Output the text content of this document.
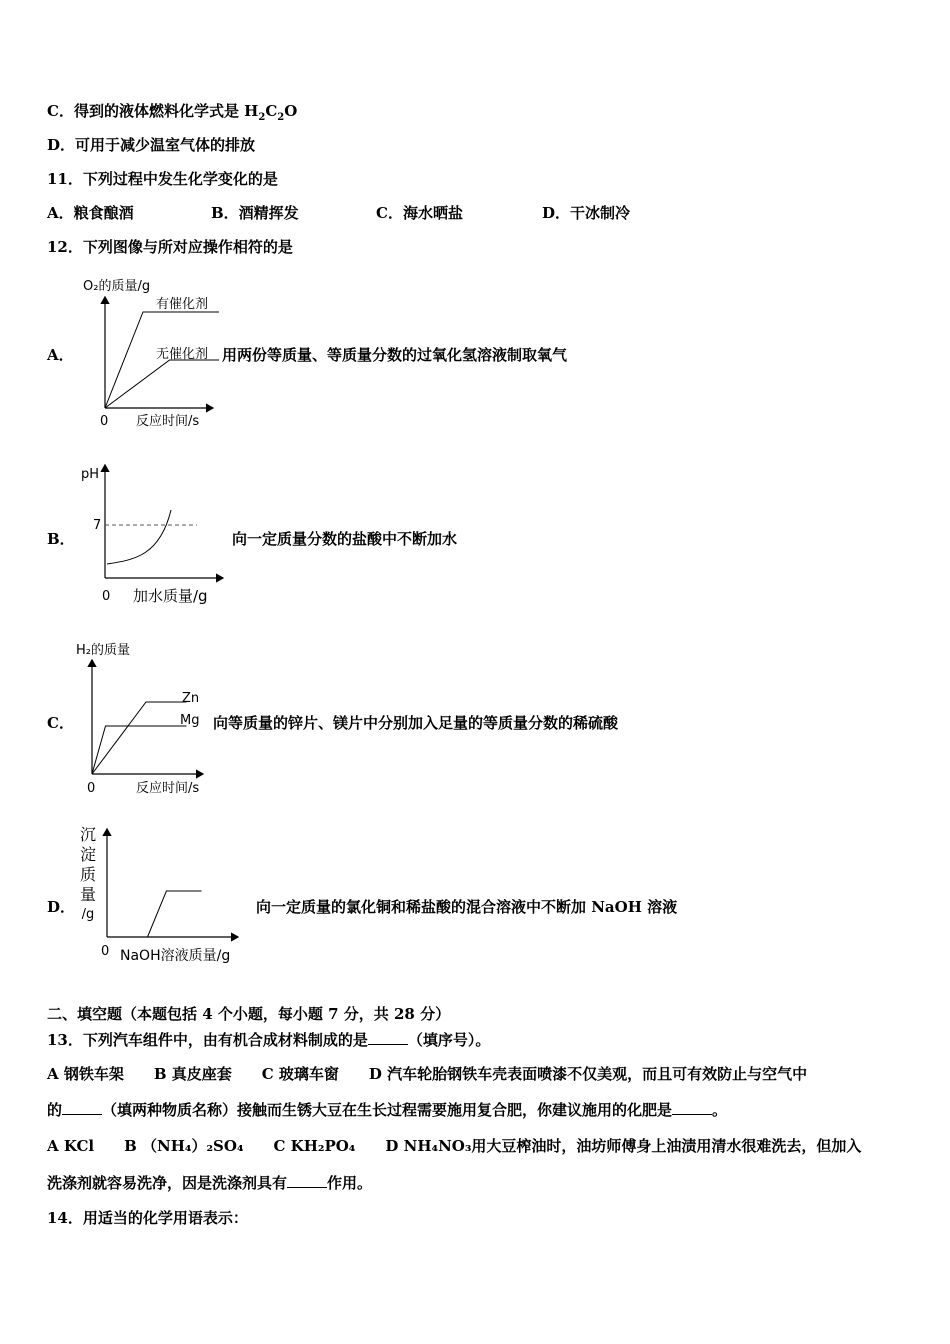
C．得到的液体燃料化学式是 $H_2C_2O$
D．可用于减少温室气体的排放
11．下列过程中发生化学变化的是
A．粮食酿酒	B．酒精挥发	C．海水晒盐	D．干冰制冷
12．下列图像与所对应操作相符的是
A．
O₂的质量/g
反应时间/s
0
有催化剂
无催化剂 用两份等质量、等质量分数的过氧化氢溶液制取氧气
B．
pH
加水质量/g
0
7
向一定质量分数的盐酸中不断加水
C．
H₂的质量
反应时间/s
0
Zn
Mg 向等质量的锌片、镁片中分别加入足量的等质量分数的稀硫酸
D．
沉
淀
质
量
/g
NaOH溶液质量/g
0
向一定质量的氯化铜和稀盐酸的混合溶液中不断加 NaOH 溶液
二、填空题（本题包括 4 个小题，每小题 7 分，共 28 分）
13．下列汽车组件中，由有机合成材料制成的是	（填序号）。
A 钢铁车架　　B 真皮座套　　C 玻璃车窗　　D 汽车轮胎钢铁车壳表面喷漆不仅美观，而且可有效防止与空气中
的	（填两种物质名称）接触而生锈大豆在生长过程需要施用复合肥，你建议施用的化肥是	。
A KCl　　B （NH₄）₂SO₄　　C KH₂PO₄　　D NH₄NO₃用大豆榨油时，油坊师傅身上油渍用清水很难洗去，但加入
洗涤剂就容易洗净，因是洗涤剂具有	作用。
14．用适当的化学用语表示：
